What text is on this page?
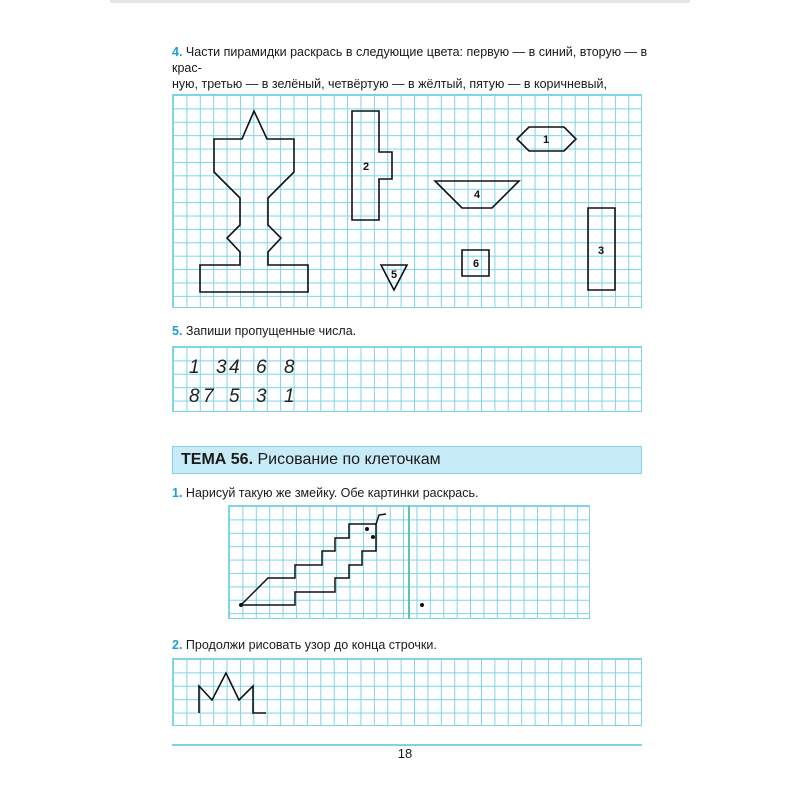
4. Части пирамидки раскрась в следующие цвета: первую — в синий, вторую — в крас-
ную, третью — в зелёный, четвёртую — в жёлтый, пятую — в коричневый,
1
2
3
4
5
6
5. Запиши пропущенные числа.
1 3 4 6 8
8 7 5 3 1
ТЕМА 56. Рисование по клеточкам
1. Нарисуй такую же змейку. Обе картинки раскрась.
2. Продолжи рисовать узор до конца строчки.
18
